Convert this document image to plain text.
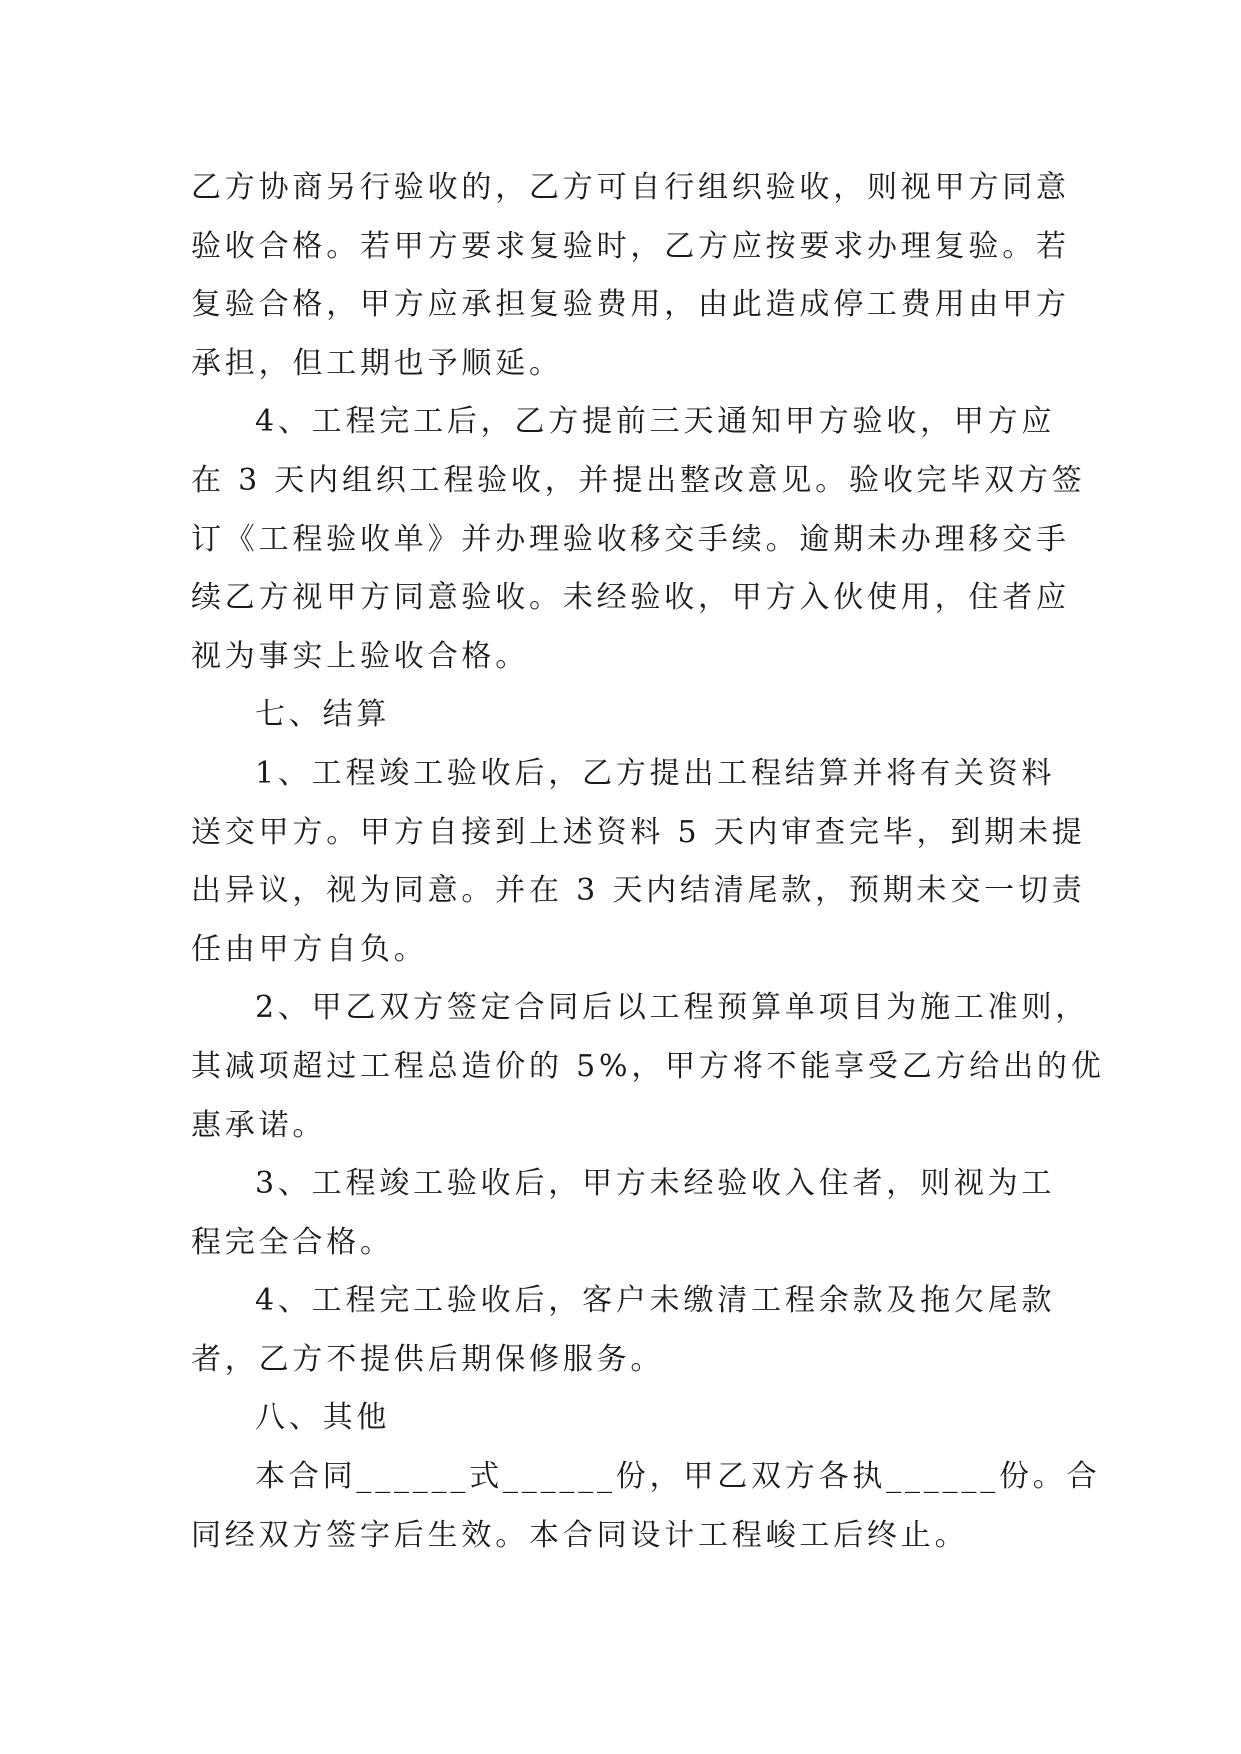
乙方协商另行验收的，乙方可自行组织验收，则视甲方同意
验收合格。若甲方要求复验时，乙方应按要求办理复验。若
复验合格，甲方应承担复验费用，由此造成停工费用由甲方
承担，但工期也予顺延。

4、工程完工后，乙方提前三天通知甲方验收，甲方应
在 3 天内组织工程验收，并提出整改意见。验收完毕双方签
订《工程验收单》并办理验收移交手续。逾期未办理移交手
续乙方视甲方同意验收。未经验收，甲方入伙使用，住者应
视为事实上验收合格。

七、结算

1、工程竣工验收后，乙方提出工程结算并将有关资料
送交甲方。甲方自接到上述资料 5 天内审查完毕，到期未提
出异议，视为同意。并在 3 天内结清尾款，预期未交一切责
任由甲方自负。

2、甲乙双方签定合同后以工程预算单项目为施工准则，
其减项超过工程总造价的 5%，甲方将不能享受乙方给出的优
惠承诺。

3、工程竣工验收后，甲方未经验收入住者，则视为工
程完全合格。

4、工程完工验收后，客户未缴清工程余款及拖欠尾款
者，乙方不提供后期保修服务。

八、其他

本合同______式______份，甲乙双方各执______份。合
同经双方签字后生效。本合同设计工程峻工后终止。
